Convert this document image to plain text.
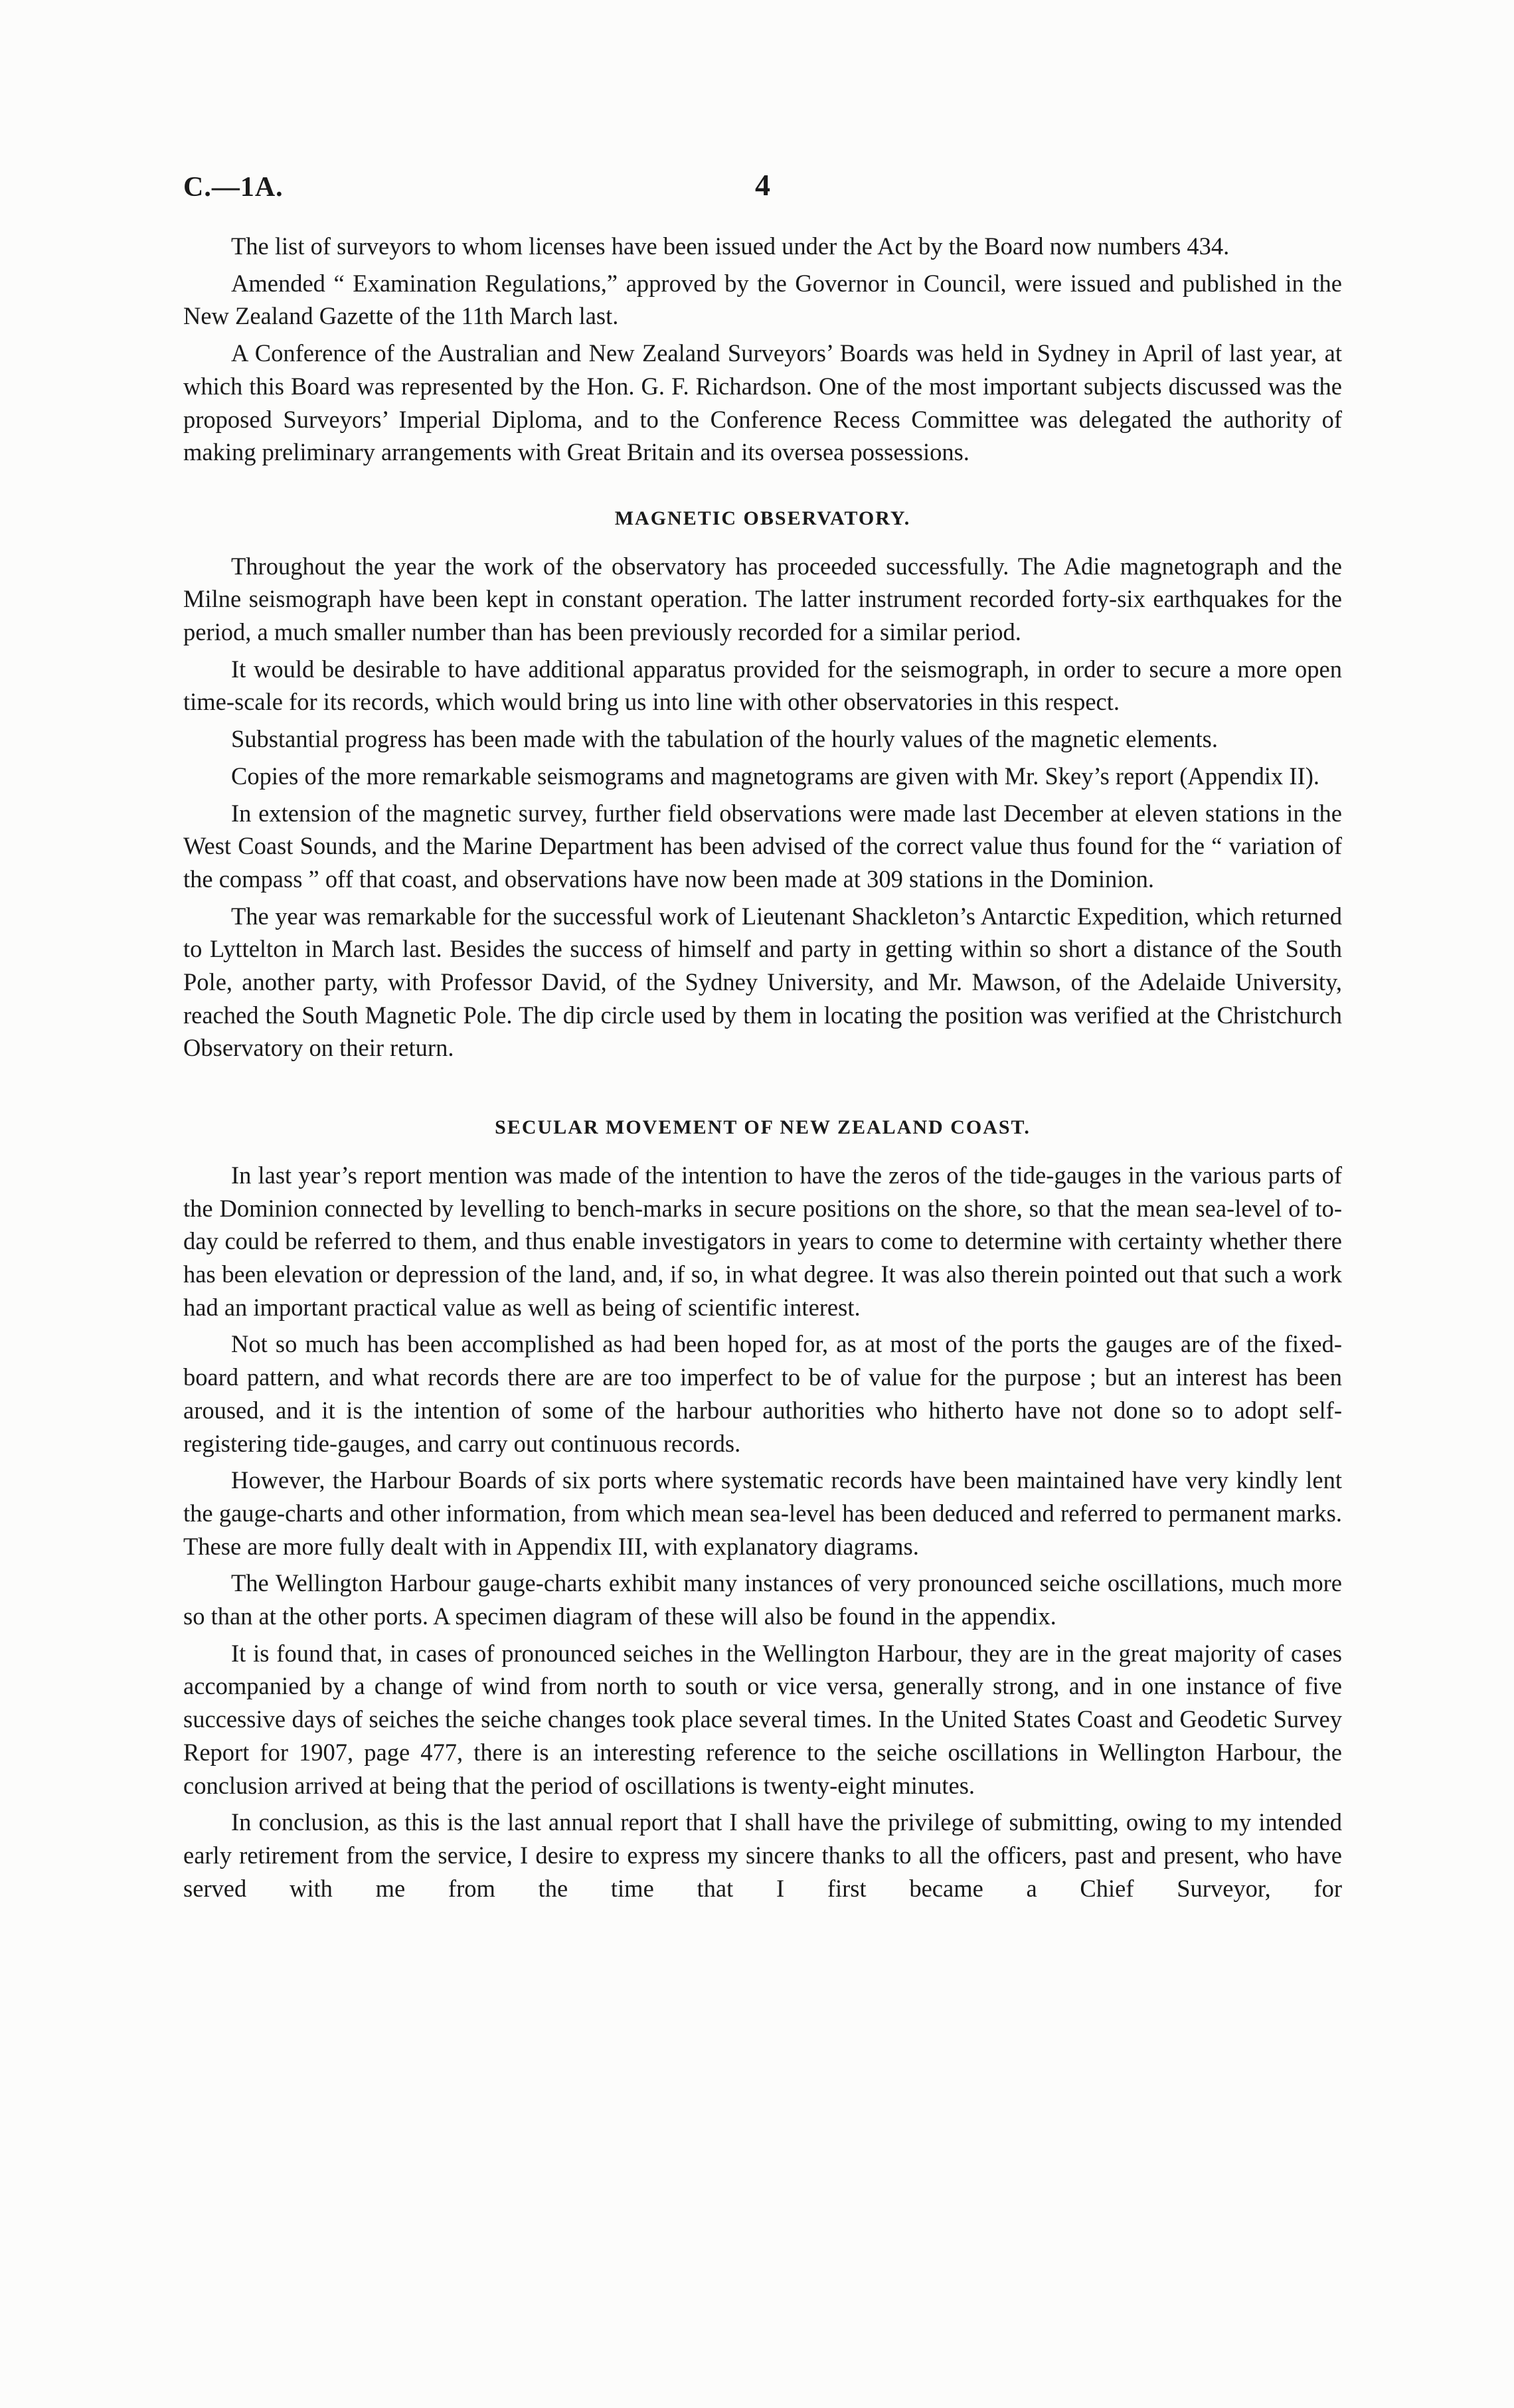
C.—1A.	4

The list of surveyors to whom licenses have been issued under the Act by the Board now numbers 434.

Amended “ Examination Regulations,” approved by the Governor in Council, were issued and published in the New Zealand Gazette of the 11th March last.

A Conference of the Australian and New Zealand Surveyors’ Boards was held in Sydney in April of last year, at which this Board was represented by the Hon. G. F. Richardson. One of the most important subjects discussed was the proposed Surveyors’ Imperial Diploma, and to the Conference Recess Committee was delegated the authority of making preliminary arrangements with Great Britain and its oversea possessions.

MAGNETIC OBSERVATORY.

Throughout the year the work of the observatory has proceeded successfully. The Adie magnetograph and the Milne seismograph have been kept in constant operation. The latter instrument recorded forty-six earthquakes for the period, a much smaller number than has been previously recorded for a similar period.

It would be desirable to have additional apparatus provided for the seismograph, in order to secure a more open time-scale for its records, which would bring us into line with other observatories in this respect.

Substantial progress has been made with the tabulation of the hourly values of the magnetic elements.

Copies of the more remarkable seismograms and magnetograms are given with Mr. Skey’s report (Appendix II).

In extension of the magnetic survey, further field observations were made last December at eleven stations in the West Coast Sounds, and the Marine Department has been advised of the correct value thus found for the “ variation of the compass ” off that coast, and observations have now been made at 309 stations in the Dominion.

The year was remarkable for the successful work of Lieutenant Shackleton’s Antarctic Expedition, which returned to Lyttelton in March last. Besides the success of himself and party in getting within so short a distance of the South Pole, another party, with Professor David, of the Sydney University, and Mr. Mawson, of the Adelaide University, reached the South Magnetic Pole. The dip circle used by them in locating the position was verified at the Christchurch Observatory on their return.

SECULAR MOVEMENT OF NEW ZEALAND COAST.

In last year’s report mention was made of the intention to have the zeros of the tide-gauges in the various parts of the Dominion connected by levelling to bench-marks in secure positions on the shore, so that the mean sea-level of to-day could be referred to them, and thus enable investigators in years to come to determine with certainty whether there has been elevation or depression of the land, and, if so, in what degree. It was also therein pointed out that such a work had an important practical value as well as being of scientific interest.

Not so much has been accomplished as had been hoped for, as at most of the ports the gauges are of the fixed-board pattern, and what records there are are too imperfect to be of value for the purpose ; but an interest has been aroused, and it is the intention of some of the harbour authorities who hitherto have not done so to adopt self-registering tide-gauges, and carry out continuous records.

However, the Harbour Boards of six ports where systematic records have been maintained have very kindly lent the gauge-charts and other information, from which mean sea-level has been deduced and referred to permanent marks. These are more fully dealt with in Appendix III, with explanatory diagrams.

The Wellington Harbour gauge-charts exhibit many instances of very pronounced seiche oscillations, much more so than at the other ports. A specimen diagram of these will also be found in the appendix.

It is found that, in cases of pronounced seiches in the Wellington Harbour, they are in the great majority of cases accompanied by a change of wind from north to south or vice versa, generally strong, and in one instance of five successive days of seiches the seiche changes took place several times. In the United States Coast and Geodetic Survey Report for 1907, page 477, there is an interesting reference to the seiche oscillations in Wellington Harbour, the conclusion arrived at being that the period of oscillations is twenty-eight minutes.

In conclusion, as this is the last annual report that I shall have the privilege of submitting, owing to my intended early retirement from the service, I desire to express my sincere thanks to all the officers, past and present, who have served with me from the time that I first became a Chief Surveyor, for
